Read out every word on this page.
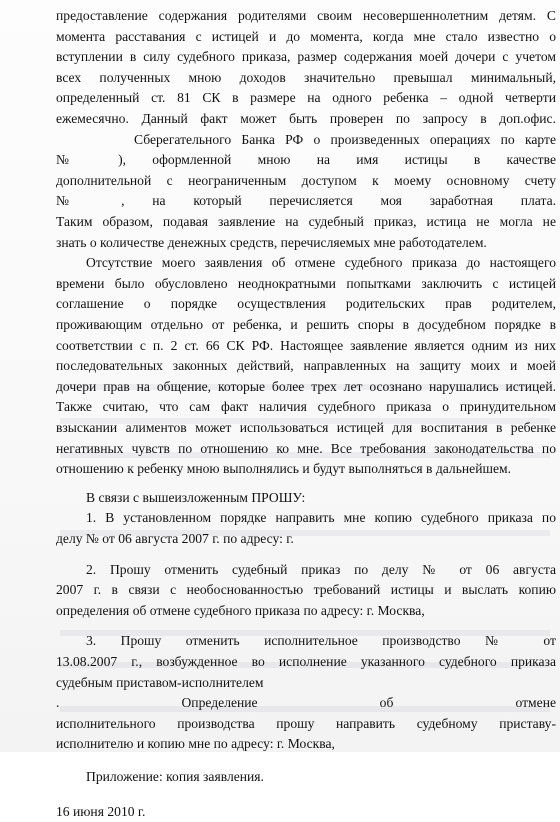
предоставление содержания родителями своим несовершеннолетним детям. С
момента расставания с истицей и до момента, когда мне стало известно о
вступлении в силу судебного приказа, размер содержания моей дочери с учетом
всех полученных мною доходов значительно превышал минимальный,
определенный ст. 81 СК в размере на одного ребенка – одной четверти
ежемесячно. Данный факт может быть проверен по запросу в доп.офис.
Сберегательного Банка РФ о произведенных операциях по карте
№ ), оформленной мною на имя истицы в качестве
дополнительной с неограниченным доступом к моему основному счету
№ , на который перечисляется моя заработная плата.
Таким образом, подавая заявление на судебный приказ, истица не могла не
знать о количестве денежных средств, перечисляемых мне работодателем.
Отсутствие моего заявления об отмене судебного приказа до настоящего
времени было обусловлено неоднократными попытками заключить с истицей
соглашение о порядке осуществления родительских прав родителем,
проживающим отдельно от ребенка, и решить споры в досудебном порядке в
соответствии с п. 2 ст. 66 СК РФ. Настоящее заявление является одним из них
последовательных законных действий, направленных на защиту моих и моей
дочери прав на общение, которые более трех лет осознано нарушались истицей.
Также считаю, что сам факт наличия судебного приказа о принудительном
взыскании алиментов может использоваться истицей для воспитания в ребенке
негативных чувств по отношению ко мне. Все требования законодательства по
отношению к ребенку мною выполнялись и будут выполняться в дальнейшем.
В связи с вышеизложенным ПРОШУ:
1. В установленном порядке направить мне копию судебного приказа по
делу № от 06 августа 2007 г. по адресу: г.
2. Прошу отменить судебный приказ по делу № от 06 августа
2007 г. в связи с необоснованностью требований истицы и выслать копию
определения об отмене судебного приказа по адресу: г. Москва,
3. Прошу отменить исполнительное производство № от
13.08.2007 г., возбужденное во исполнение указанного судебного приказа
судебным приставом-исполнителем
. Определение об отмене
исполнительного производства прошу направить судебному приставу-
исполнителю и копию мне по адресу: г. Москва,
Приложение: копия заявления.
16 июня 2010 г.
